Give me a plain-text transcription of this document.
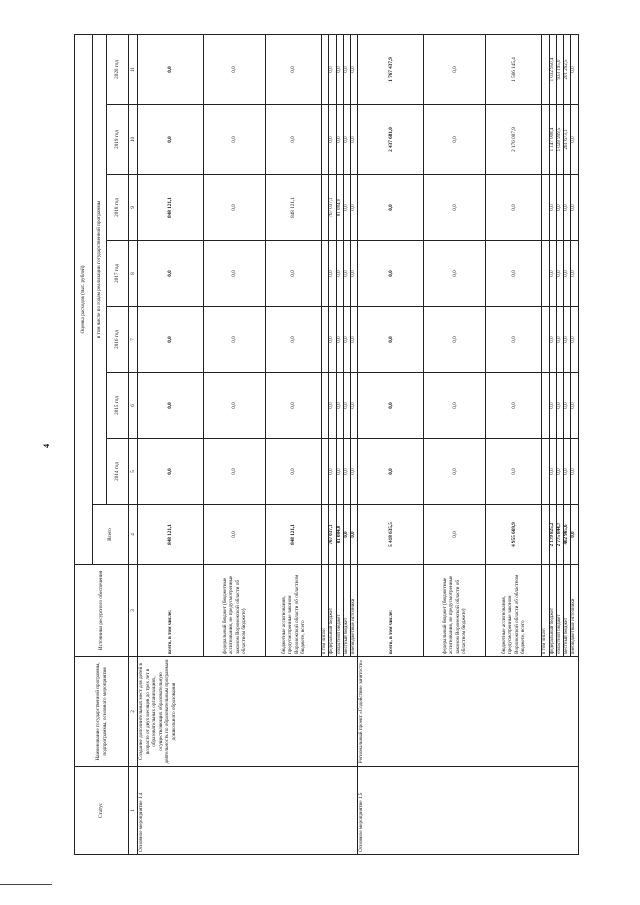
4
Статус	Наименование государственной программы, подпрограммы, основного мероприятия	Источники ресурсного обеспечения	Оценка расходов (тыс. рублей)							
			Всего	в том числе по годам реализации государственной программы						
				2014 год	2015 год	2016 год	2017 год	2018 год	2019 год	2020 год
1	2	3	4	5	6	7	8	9	10	11
Основное мероприятие 1.4	Создание дополнительных мест для детей в возрасте от двух месяцев до трех лет в образовательных организациях, осуществляющих образовательную деятельность по образовательным программам дошкольного образования	всего, в том числе:	848 121,1	0,0	0,0	0,0	0,0	848 121,1	0,0	0,0
		федеральный бюджет (бюджетные ассигнования, не предусмотренные законом Воронежской области об областном бюджете)	0,0	0,0	0,0	0,0	0,0	0,0	0,0	0,0
		бюджетные ассигнования, предусмотренные законом Воронежской области об областном бюджете, всего	848 121,1	0,0	0,0	0,0	0,0	848 121,1	0,0	0,0
		в том числе:								
		федеральный бюджет	767 037,1	0,0	0,0	0,0	0,0	767 037,1	0,0	0,0
		областной бюджет	81 084,0	0,0	0,0	0,0	0,0	81 084,0	0,0	0,0
		местный бюджет	0,0	0,0	0,0	0,0	0,0	0,0	0,0	0,0
		внебюджетные источники	0,0	0,0	0,0	0,0	0,0	0,0	0,0	0,0
Основное мероприятие 1.5	Региональный проект «Содействие занятости»	всего, в том числе:	5 418 635,5	0,0	0,0	0,0	0,0	0,0	2 437 681,0	1 767 437,9
		федеральный бюджет (бюджетные ассигнования, не предусмотренные законом Воронежской области об областном бюджете)	0,0	0,0	0,0	0,0	0,0	0,0	0,0	0,0
		бюджетные ассигнования, предусмотренные законом Воронежской области об областном бюджете, всего	4 955 669,9	0,0	0,0	0,0	0,0	0,0	2 176 007,9	1 566 145,4
		в том числе:								
		федеральный бюджет	2 179 825,2	0,0	0,0	0,0	0,0	0,0	1 147 008,4	1 032 950,4
		областной бюджет	2 775 844,7	0,0	0,0	0,0	0,0	0,0	1 028 999,5	933 195,0
		местный бюджет	462 965,6	0,0	0,0	0,0	0,0	0,0	261 673,1	201 292,5
		внебюджетные источники	0,0	0,0	0,0	0,0	0,0	0,0	0,0	0,0
